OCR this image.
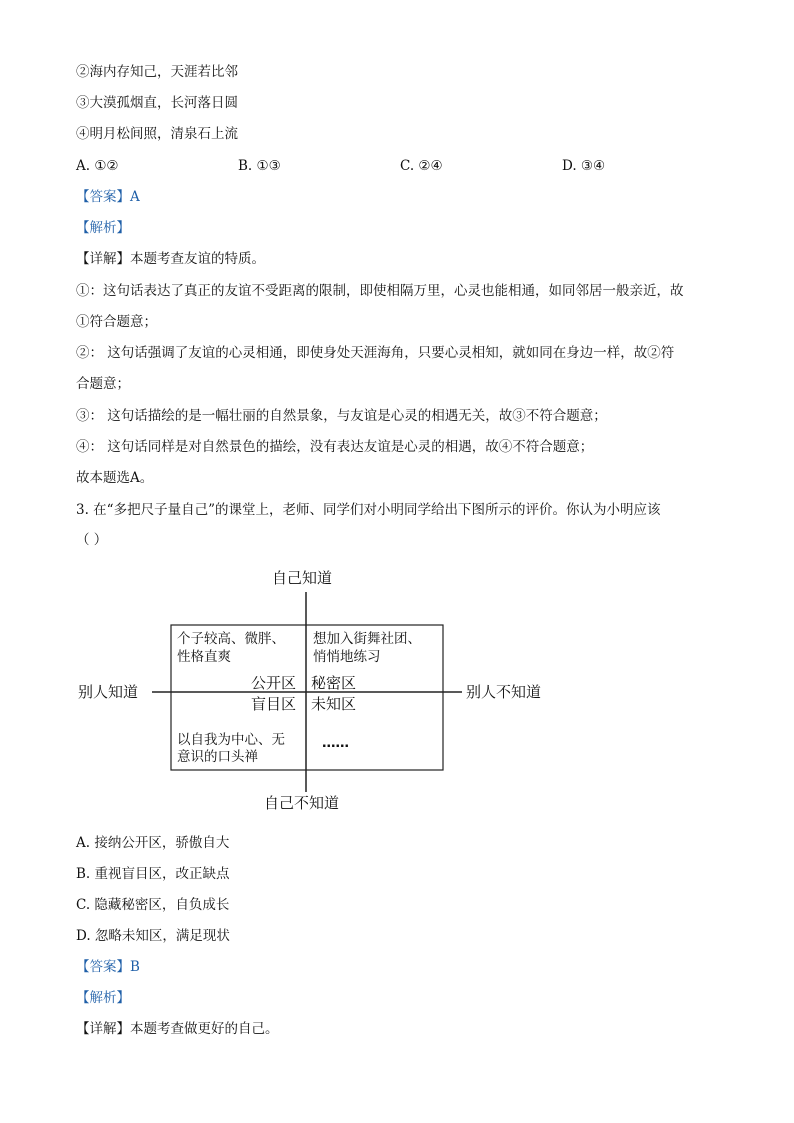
②海内存知己，天涯若比邻
③大漠孤烟直，长河落日圆
④明月松间照，清泉石上流
A. ①②	B. ①③	C. ②④	D. ③④
【答案】A
【解析】
【详解】本题考查友谊的特质。
①：这句话表达了真正的友谊不受距离的限制，即使相隔万里，心灵也能相通，如同邻居一般亲近，故
①符合题意；
②： 这句话强调了友谊的心灵相通，即使身处天涯海角，只要心灵相知，就如同在身边一样，故②符
合题意；
③： 这句话描绘的是一幅壮丽的自然景象，与友谊是心灵的相遇无关，故③不符合题意；
④： 这句话同样是对自然景色的描绘，没有表达友谊是心灵的相遇，故④不符合题意；
故本题选A。
3. 在“多把尺子量自己”的课堂上，老师、同学们对小明同学给出下图所示的评价。你认为小明应该
（ ）
自己知道
自己不知道
别人知道	别人不知道
个子较高、微胖、
性格直爽
想加入街舞社团、
悄悄地练习
以自我为中心、无
意识的口头禅
……
公开区 秘密区
盲目区 未知区
A. 接纳公开区，骄傲自大
B. 重视盲目区，改正缺点
C. 隐藏秘密区，自负成长
D. 忽略未知区，满足现状
【答案】B
【解析】
【详解】本题考查做更好的自己。
